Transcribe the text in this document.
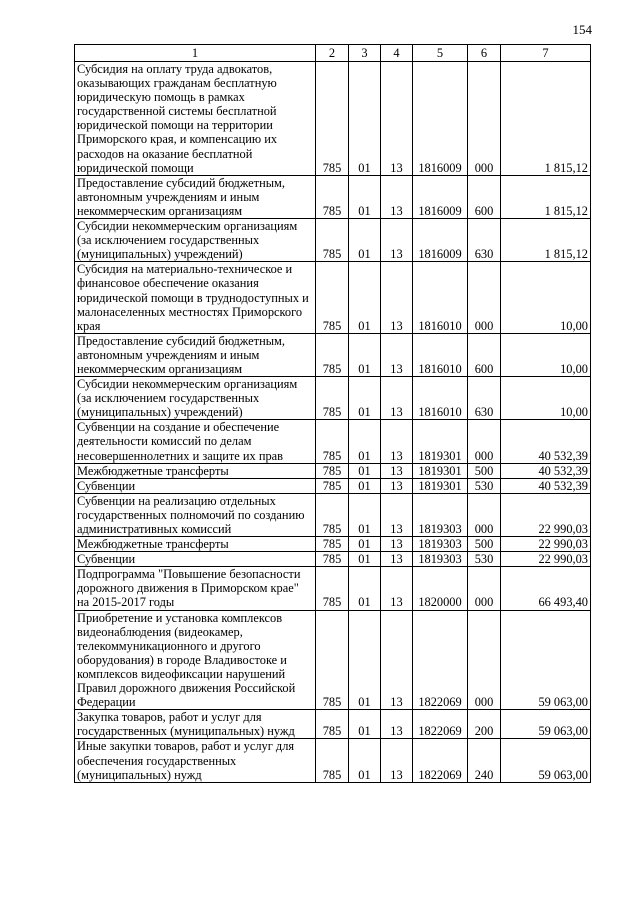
154
1	2	3	4	5	6	7
Субсидия на оплату труда адвокатов, оказывающих гражданам бесплатную юридическую помощь в рамках государственной системы бесплатной юридической помощи на территории Приморского края, и компенсацию их расходов на оказание бесплатной юридической помощи	785	01	13	1816009	000	1 815,12
Предоставление субсидий бюджетным, автономным учреждениям и иным некоммерческим организациям	785	01	13	1816009	600	1 815,12
Субсидии некоммерческим организациям (за исключением государственных (муниципальных) учреждений)	785	01	13	1816009	630	1 815,12
Субсидия на материально-техническое и финансовое обеспечение оказания юридической помощи в труднодоступных и малонаселенных местностях Приморского края	785	01	13	1816010	000	10,00
Предоставление субсидий бюджетным, автономным учреждениям и иным некоммерческим организациям	785	01	13	1816010	600	10,00
Субсидии некоммерческим организациям (за исключением государственных (муниципальных) учреждений)	785	01	13	1816010	630	10,00
Субвенции на создание и обеспечение деятельности комиссий по делам несовершеннолетних и защите их прав	785	01	13	1819301	000	40 532,39
Межбюджетные трансферты	785	01	13	1819301	500	40 532,39
Субвенции	785	01	13	1819301	530	40 532,39
Субвенции на реализацию отдельных государственных полномочий по созданию административных комиссий	785	01	13	1819303	000	22 990,03
Межбюджетные трансферты	785	01	13	1819303	500	22 990,03
Субвенции	785	01	13	1819303	530	22 990,03
Подпрограмма "Повышение безопасности дорожного движения в Приморском крае" на 2015-2017 годы	785	01	13	1820000	000	66 493,40
Приобретение и установка комплексов видеонаблюдения (видеокамер, телекоммуникационного и другого оборудования) в городе Владивостоке и комплексов видеофиксации нарушений Правил дорожного движения Российской Федерации	785	01	13	1822069	000	59 063,00
Закупка товаров, работ и услуг для государственных (муниципальных) нужд	785	01	13	1822069	200	59 063,00
Иные закупки товаров, работ и услуг для обеспечения государственных (муниципальных) нужд	785	01	13	1822069	240	59 063,00
